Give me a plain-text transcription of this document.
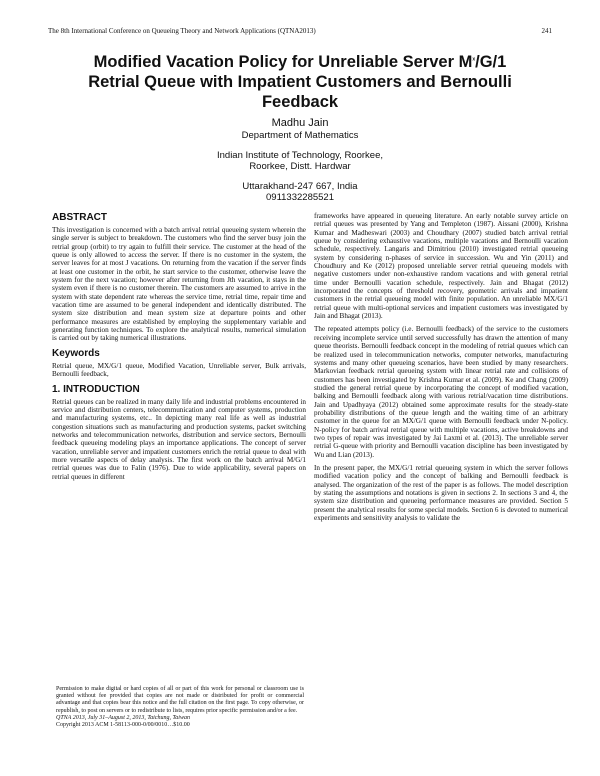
The 8th International Conference on Queueing Theory and Network Applications (QTNA2013)	241
Modified Vacation Policy for Unreliable Server $M^x/G/1$
Retrial Queue with Impatient Customers and Bernoulli
Feedback
Madhu Jain
Department of Mathematics
Indian Institute of Technology, Roorkee,
Roorkee, Distt. Hardwar
Uttarakhand-247 667, India
0911332285521
ABSTRACT

This investigation is concerned with a batch arrival retrial queueing system wherein the single server is subject to breakdown. The customers who find the server busy join the retrial group (orbit) to try again to fulfill their service. The customer at the head of the queue is only allowed to access the server. If there is no customer in the system, the server leaves for at most J vacations. On returning from the vacation if the server finds at least one customer in the orbit, he start service to the customer, otherwise leave the system for the next vacation; however after returning from Jth vacation, it stays in the system even if there is no customer therein. The customers are assumed to arrive in the system with state dependent rate whereas the service time, retrial time, repair time and vacation time are assumed to be general independent and identically distributed. The system size distribution and mean system size at departure points and other performance measures are established by employing the supplementary variable and generating function techniques. To explore the analytical results, numerical simulation is carried out by taking numerical illustrations.

Keywords

Retrial queue, MX/G/1 queue, Modified Vacation, Unreliable server, Bulk arrivals, Bernoulli feedback,

1. INTRODUCTION

Retrial queues can be realized in many daily life and industrial problems encountered in service and distribution centers, telecommunication and computer systems, production and manufacturing systems, etc.. In depicting many real life as well as industrial congestion situations such as manufacturing and production systems, packet switching networks and telecommunication networks, distribution and service sectors, Bernoulli feedback queueing modeling plays an importance applications. The concept of server vacation, unreliable server and impatient customers enrich the retrial queue to deal with more versatile aspects of delay analysis. The first work on the batch arrival M/G/1 retrial queues was due to Falin (1976). Due to wide applicability, several papers on retrial queues in different

Permission to make digital or hard copies of all or part of this work for personal or classroom use is granted without fee provided that copies are not made or distributed for profit or commercial advantage and that copies bear this notice and the full citation on the first page. To copy otherwise, or republish, to post on servers or to redistribute to lists, requires prior specific permission and/or a fee.
QTNA 2013, July 31–August 2, 2013, Taichung, Taiwan
Copyright 2013 ACM 1-58113-000-0/00/0010…$10.00

frameworks have appeared in queueing literature. An early notable survey article on retrial queues was presented by Yang and Templeton (1987). Aissani (2000), Krishna Kumar and Madheswari (2003) and Choudhary (2007) studied batch arrival retrial queue by considering exhaustive vacations, multiple vacations and Bernoulli vacation schedule, respectively. Langaris and Dimitriou (2010) investigated retrial queueing system by considering n-phases of service in succession. Wu and Yin (2011) and Choudhury and Ke (2012) proposed unreliable server retrial queueing models with negative customers under non-exhaustive random vacations and with general retrial time under Bernoulli vacation schedule, respectively. Jain and Bhagat (2012) incorporated the concepts of threshold recovery, geometric arrivals and impatient customers in the retrial queueing model with finite population. An unreliable MX/G/1 retrial queue with multi-optional services and impatient customers was investigated by Jain and Bhagat (2013).

The repeated attempts policy (i.e. Bernoulli feedback) of the service to the customers receiving incomplete service until served successfully has drawn the attention of many queue theorists. Bernoulli feedback concept in the modeling of retrial queues which can be realized used in telecommunication networks, computer networks, manufacturing systems and many other queueing scenarios, have been studied by many researchers. Markovian feedback retrial queueing system with linear retrial rate and collisions of customers has been investigated by Krishna Kumar et al. (2009). Ke and Chang (2009) studied the general retrial queue by incorporating the concept of modified vacation, balking and Bernoulli feedback along with various retrial/vacation time distributions. Jain and Upadhyaya (2012) obtained some approximate results for the steady-state probability distributions of the queue length and the waiting time of an arbitrary customer in the queue for an MX/G/1 queue with Bernoulli feedback under N-policy. N-policy for batch arrival retrial queue with multiple vacations, active breakdowns and two types of repair was investigated by Jai Laxmi et al. (2013). The unreliable server retrial G-queue with priority and Bernoulli vacation discipline has been investigated by Wu and Lian (2013).

In the present paper, the MX/G/1 retrial queueing system in which the server follows modified vacation policy and the concept of balking and Bernoulli feedback is analysed. The organization of the rest of the paper is as follows. The model description by stating the assumptions and notations is given in sections 2. In sections 3 and 4, the system size distribution and queueing performance measures are provided. Section 5 present the analytical results for some special models. Section 6 is devoted to numerical experiments and sensitivity analysis to validate the
